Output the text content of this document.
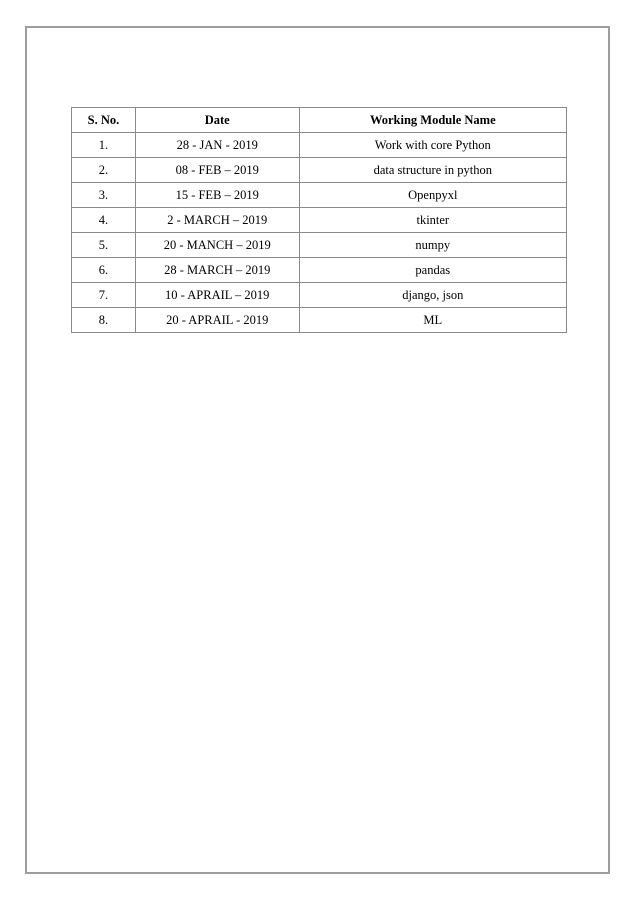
S. No.	Date	Working Module Name
1.	28 - JAN - 2019	Work with core Python
2.	08 - FEB – 2019	data structure in python
3.	15 - FEB – 2019	Openpyxl
4.	2 - MARCH – 2019	tkinter
5.	20 - MANCH – 2019	numpy
6.	28 - MARCH – 2019	pandas
7.	10 - APRAIL – 2019	django, json
8.	20 - APRAIL - 2019	ML
